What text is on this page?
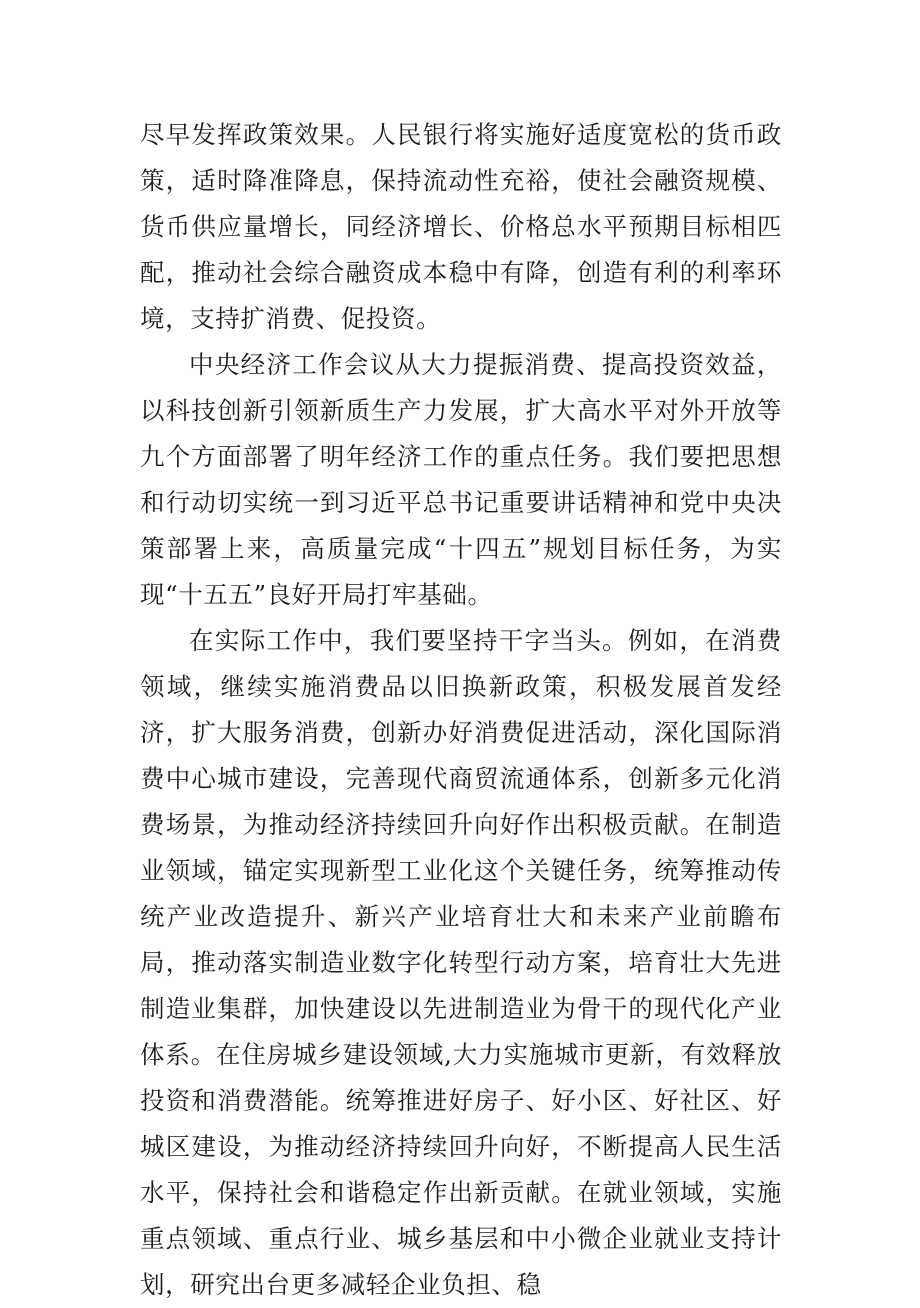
尽早发挥政策效果。人民银行将实施好适度宽松的货币政策，适时降准降息，保持流动性充裕，使社会融资规模、货币供应量增长，同经济增长、价格总水平预期目标相匹配，推动社会综合融资成本稳中有降，创造有利的利率环境，支持扩消费、促投资。

中央经济工作会议从大力提振消费、提高投资效益，以科技创新引领新质生产力发展，扩大高水平对外开放等九个方面部署了明年经济工作的重点任务。我们要把思想和行动切实统一到习近平总书记重要讲话精神和党中央决策部署上来，高质量完成“十四五”规划目标任务，为实现“十五五”良好开局打牢基础。

在实际工作中，我们要坚持干字当头。例如，在消费领域，继续实施消费品以旧换新政策，积极发展首发经济，扩大服务消费，创新办好消费促进活动，深化国际消费中心城市建设，完善现代商贸流通体系，创新多元化消费场景，为推动经济持续回升向好作出积极贡献。在制造业领域，锚定实现新型工业化这个关键任务，统筹推动传统产业改造提升、新兴产业培育壮大和未来产业前瞻布局，推动落实制造业数字化转型行动方案，培育壮大先进制造业集群，加快建设以先进制造业为骨干的现代化产业体系。在住房城乡建设领域,大力实施城市更新，有效释放投资和消费潜能。统筹推进好房子、好小区、好社区、好城区建设，为推动经济持续回升向好，不断提高人民生活水平，保持社会和谐稳定作出新贡献。在就业领域，实施重点领域、重点行业、城乡基层和中小微企业就业支持计划，研究出台更多减轻企业负担、稳
